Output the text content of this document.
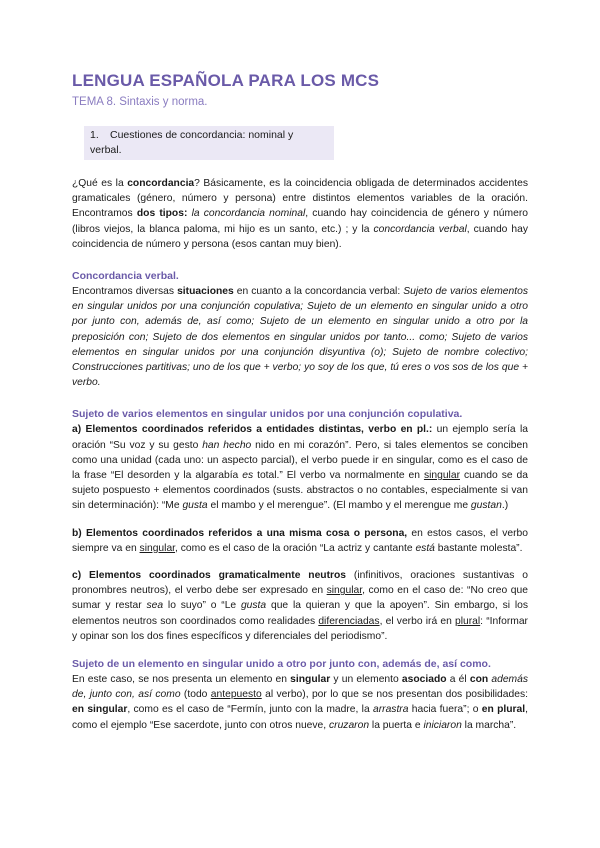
LENGUA ESPAÑOLA PARA LOS MCS
TEMA 8. Sintaxis y norma.
1. Cuestiones de concordancia: nominal y verbal.

¿Qué es la concordancia? Básicamente, es la coincidencia obligada de determinados accidentes gramaticales (género, número y persona) entre distintos elementos variables de la oración. Encontramos dos tipos: la concordancia nominal, cuando hay coincidencia de género y número (libros viejos, la blanca paloma, mi hijo es un santo, etc.) ; y la concordancia verbal, cuando hay coincidencia de número y persona (esos cantan muy bien).

Concordancia verbal.

Encontramos diversas situaciones en cuanto a la concordancia verbal: Sujeto de varios elementos en singular unidos por una conjunción copulativa; Sujeto de un elemento en singular unido a otro por junto con, además de, así como; Sujeto de un elemento en singular unido a otro por la preposición con; Sujeto de dos elementos en singular unidos por tanto... como; Sujeto de varios elementos en singular unidos por una conjunción disyuntiva (o); Sujeto de nombre colectivo; Construcciones partitivas; uno de los que + verbo; yo soy de los que, tú eres o vos sos de los que + verbo.

Sujeto de varios elementos en singular unidos por una conjunción copulativa.

a) Elementos coordinados referidos a entidades distintas, verbo en pl.: un ejemplo sería la oración “Su voz y su gesto han hecho nido en mi corazón”. Pero, si tales elementos se conciben como una unidad (cada uno: un aspecto parcial), el verbo puede ir en singular, como es el caso de la frase “El desorden y la algarabía es total.” El verbo va normalmente en singular cuando se da sujeto pospuesto + elementos coordinados (susts. abstractos o no contables, especialmente si van sin determinación): “Me gusta el mambo y el merengue”. (El mambo y el merengue me gustan.)

b) Elementos coordinados referidos a una misma cosa o persona, en estos casos, el verbo siempre va en singular, como es el caso de la oración “La actriz y cantante está bastante molesta”.

c) Elementos coordinados gramaticalmente neutros (infinitivos, oraciones sustantivas o pronombres neutros), el verbo debe ser expresado en singular, como en el caso de: “No creo que sumar y restar sea lo suyo” o “Le gusta que la quieran y que la apoyen”. Sin embargo, si los elementos neutros son coordinados como realidades diferenciadas, el verbo irá en plural: “Informar y opinar son los dos fines específicos y diferenciales del periodismo”.

Sujeto de un elemento en singular unido a otro por junto con, además de, así como.

En este caso, se nos presenta un elemento en singular y un elemento asociado a él con además de, junto con, así como (todo antepuesto al verbo), por lo que se nos presentan dos posibilidades: en singular, como es el caso de “Fermín, junto con la madre, la arrastra hacia fuera”; o en plural, como el ejemplo “Ese sacerdote, junto con otros nueve, cruzaron la puerta e iniciaron la marcha”.
